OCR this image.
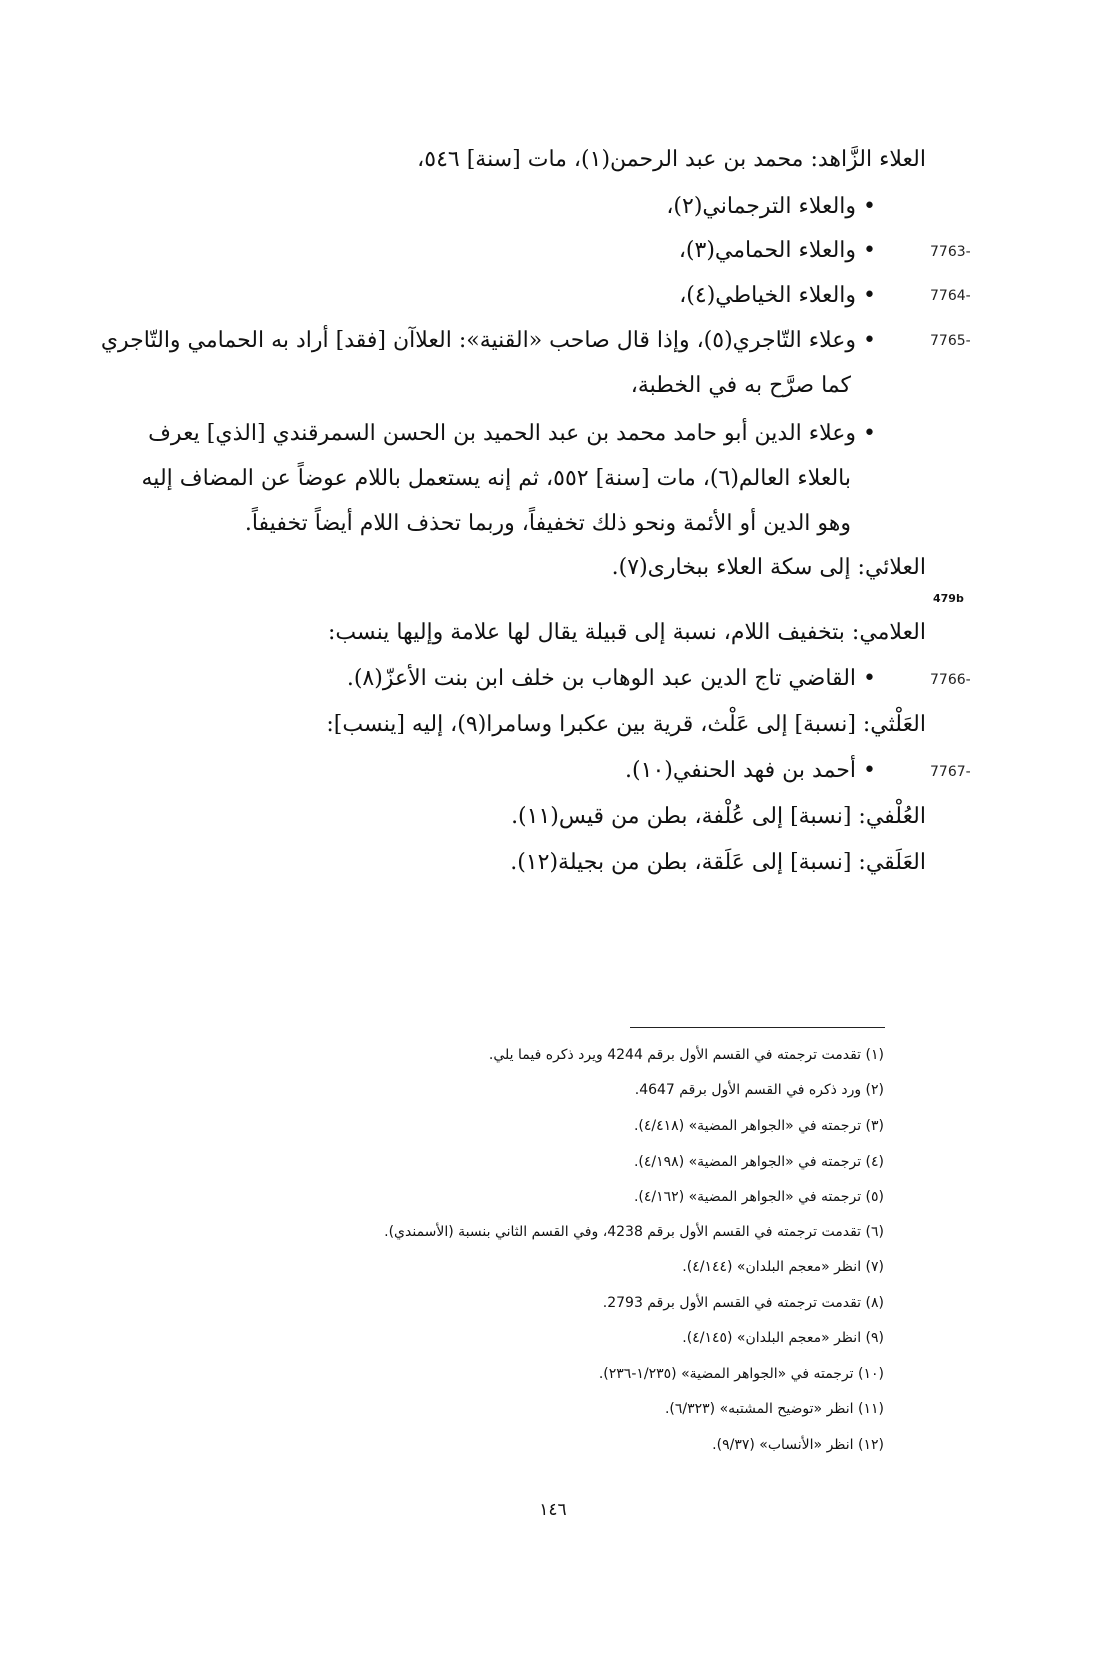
العلاء الزَّاهد: محمد بن عبد الرحمن(١)، مات [سنة] ٥٤٦،
• والعلاء الترجماني(٢)،
• والعلاء الحمامي(٣)،
• والعلاء الخياطي(٤)،
• وعلاء التّاجري(٥)، وإذا قال صاحب «القنية»: العلاآن [فقد] أراد به الحمامي والتّاجري
كما صرَّح به في الخطبة،
• وعلاء الدين أبو حامد محمد بن عبد الحميد بن الحسن السمرقندي [الذي] يعرف
بالعلاء العالم(٦)، مات [سنة] ٥٥٢، ثم إنه يستعمل باللام عوضاً عن المضاف إليه
وهو الدين أو الأئمة ونحو ذلك تخفيفاً، وربما تحذف اللام أيضاً تخفيفاً.
العلائي: إلى سكة العلاء ببخارى(٧).
العلامي: بتخفيف اللام، نسبة إلى قبيلة يقال لها علامة وإليها ينسب:
• القاضي تاج الدين عبد الوهاب بن خلف ابن بنت الأعزّ(٨).
العَلْثي: [نسبة] إلى عَلْث، قرية بين عكبرا وسامرا(٩)، إليه [ينسب]:
• أحمد بن فهد الحنفي(١٠).
العُلْفي: [نسبة] إلى عُلْفة، بطن من قيس(١١).
العَلَقي: [نسبة] إلى عَلَقة، بطن من بجيلة(١٢).
7763-
7764-
7765-
7766-
7767-
479b
(١) تقدمت ترجمته في القسم الأول برقم 4244 ويرد ذكره فيما يلي.
(٢) ورد ذكره في القسم الأول برقم 4647.
(٣) ترجمته في «الجواهر المضية» (٤/٤١٨).
(٤) ترجمته في «الجواهر المضية» (٤/١٩٨).
(٥) ترجمته في «الجواهر المضية» (٤/١٦٢).
(٦) تقدمت ترجمته في القسم الأول برقم 4238، وفي القسم الثاني بنسبة (الأسمندي).
(٧) انظر «معجم البلدان» (٤/١٤٤).
(٨) تقدمت ترجمته في القسم الأول برقم 2793.
(٩) انظر «معجم البلدان» (٤/١٤٥).
(١٠) ترجمته في «الجواهر المضية» (١/٢٣٥-٢٣٦).
(١١) انظر «توضيح المشتبه» (٦/٣٢٣).
(١٢) انظر «الأنساب» (٩/٣٧).
١٤٦
